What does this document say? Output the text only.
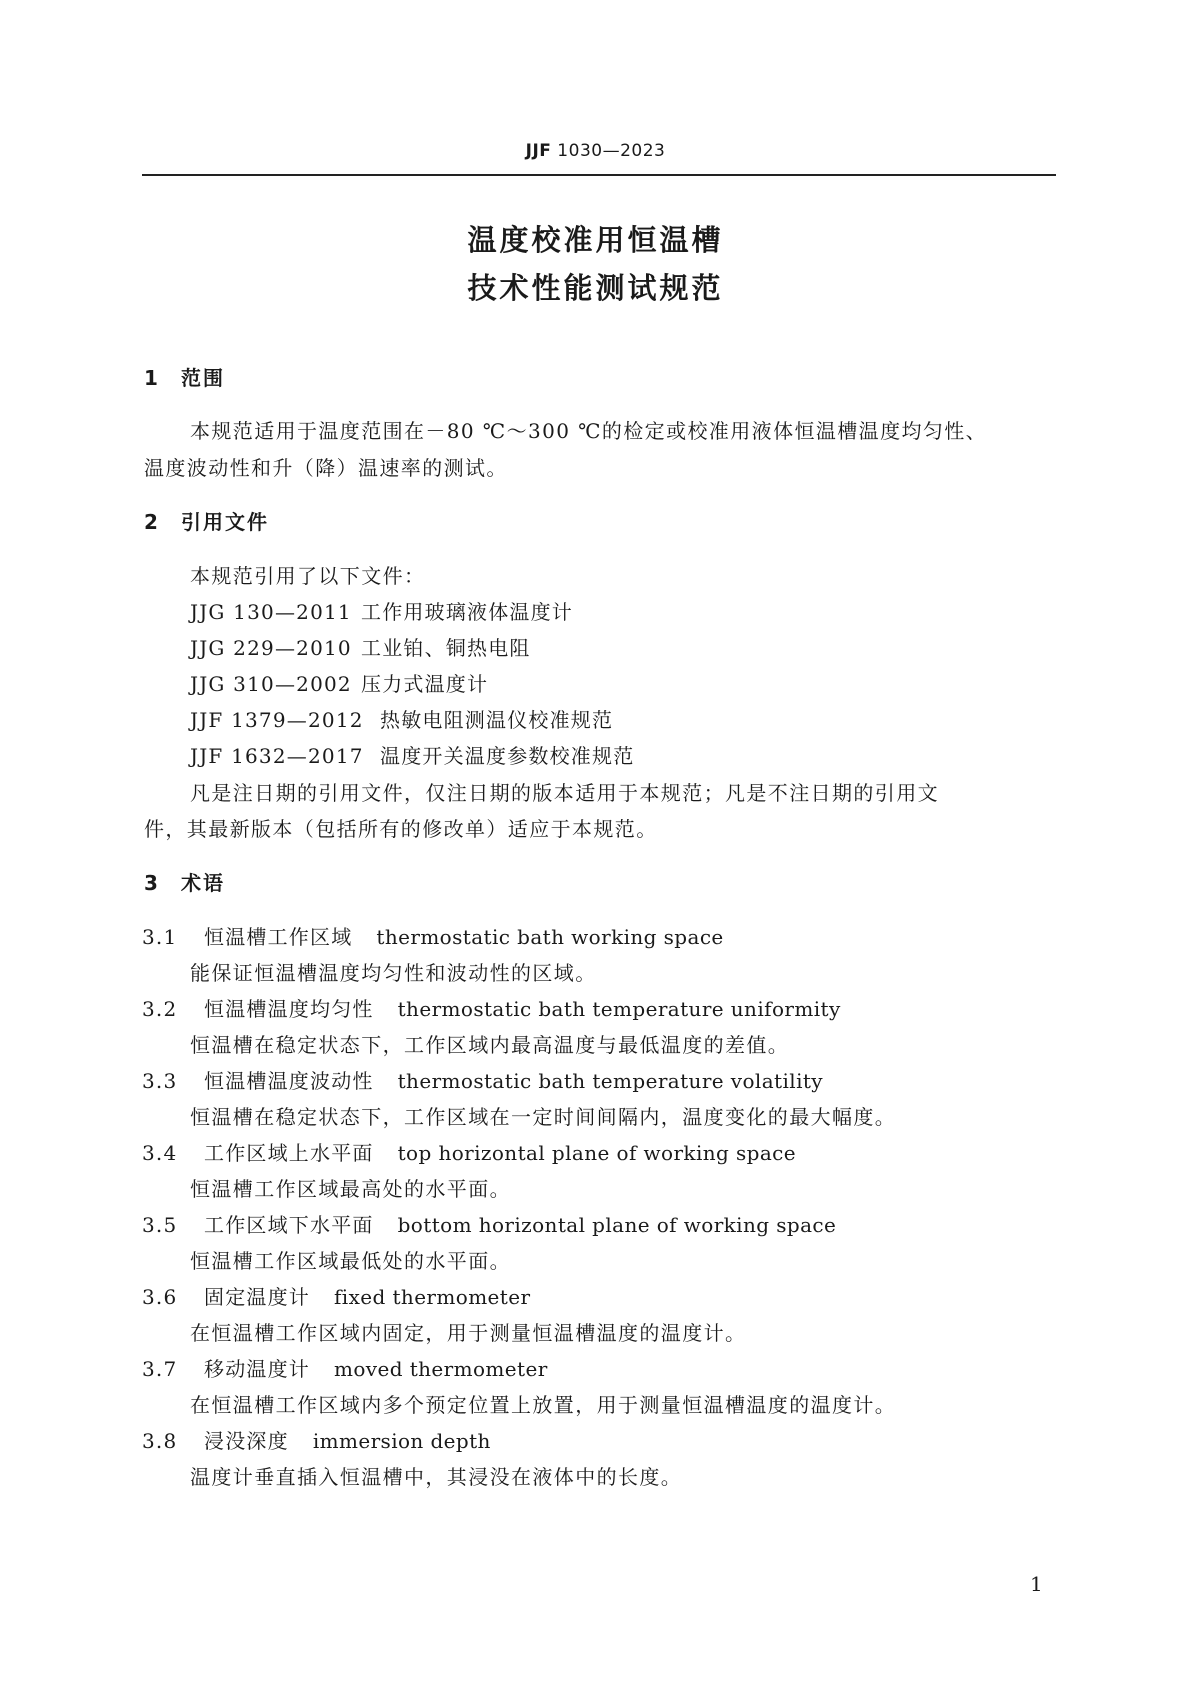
JJF 1030—2023
温度校准用恒温槽
技术性能测试规范
1 范围
本规范适用于温度范围在－80 ℃～300 ℃的检定或校准用液体恒温槽温度均匀性、
温度波动性和升（降）温速率的测试。
2 引用文件
本规范引用了以下文件：
JJG 130—2011 工作用玻璃液体温度计
JJG 229—2010 工业铂、铜热电阻
JJG 310—2002 压力式温度计
JJF 1379—2012 热敏电阻测温仪校准规范
JJF 1632—2017 温度开关温度参数校准规范
凡是注日期的引用文件，仅注日期的版本适用于本规范；凡是不注日期的引用文
件，其最新版本（包括所有的修改单）适应于本规范。
3 术语
3.1 恒温槽工作区域 thermostatic bath working space
能保证恒温槽温度均匀性和波动性的区域。
3.2 恒温槽温度均匀性 thermostatic bath temperature uniformity
恒温槽在稳定状态下，工作区域内最高温度与最低温度的差值。
3.3 恒温槽温度波动性 thermostatic bath temperature volatility
恒温槽在稳定状态下，工作区域在一定时间间隔内，温度变化的最大幅度。
3.4 工作区域上水平面 top horizontal plane of working space
恒温槽工作区域最高处的水平面。
3.5 工作区域下水平面 bottom horizontal plane of working space
恒温槽工作区域最低处的水平面。
3.6 固定温度计 fixed thermometer
在恒温槽工作区域内固定，用于测量恒温槽温度的温度计。
3.7 移动温度计 moved thermometer
在恒温槽工作区域内多个预定位置上放置，用于测量恒温槽温度的温度计。
3.8 浸没深度 immersion depth
温度计垂直插入恒温槽中，其浸没在液体中的长度。
1
